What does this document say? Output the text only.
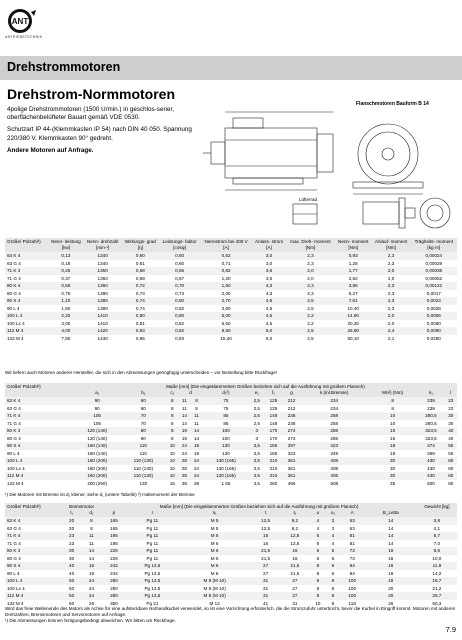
ANT
ANTRIEBSTECHNIK
Drehstrommotoren
Drehstrom-Normmotoren

4polige Drehstrommotoren (1500 U/min.) in geschlos-sener, oberflächenbelüfteter Bauart gemäß VDE 0530.

Schutzart IP 44-(Klemmkasten IP 54) nach DIN 40 050. Spannung 220/380 V. Klemmkasten 90° gedreht.

Andere Motoren auf Anfrage.

Lüfterrad
Flanschmotoren Bauform B 14
Größe/ Polzahl¹)	Nenn- leistung	Nenn- drehzahl	Wirkungs- grad	Leistungs- faktor	Nennstrom bei 400 V	Anlass- strom	max. Dreh- moment	Nenn- moment	Anlauf- moment	Trägheits- moment
	[kw]	[min-¹]	[η]	[cosφ]	[A]	[A]	[Nm]	[Nm]	[Nm]	[kg·m]
63 K 4	0,13	1340	0,60	0,60	0,52	3,0	2,3	0,93	2,3	0,00024
63 G 4	0,18	1340	0,61	0,60	0,71	3,0	2,3	1,28	2,3	0,00029
71 K 4	0,25	1350	0,68	0,65	0,82	3,5	2,0	1,77	2,0	0,00035
71 G 4	0,37	1350	0,69	0,67	1,20	3,5	2,0	2,62	2,0	0,00052
80 K 4	0,55	1360	0,72	0,70	1,60	4,3	2,3	3,86	2,3	0,00122
80 G 4	0,75	1390	0,73	0,73	2,00	4,3	2,3	5,27	2,3	0,0017
90 S 4	1,10	1380	0,74	0,80	2,70	4,5	2,5	7,61	2,3	0,0023
90 L 4	1,50	1380	0,74	0,82	3,60	4,5	2,5	10,40	2,3	0,0028
100 L 4	2,20	1410	0,80	0,80	5,00	4,5	2,2	14,90	2,0	0,0056
100 Lx 4	3,00	1410	0,81	0,82	6,50	4,5	2,2	20,30	2,0	0,0060
112 M 4	4,00	1420	0,83	0,82	8,50	5,0	2,5	26,90	2,4	0,0090
132 M 4	7,50	1430	0,85	0,83	15,40	6,0	2,5	50,10	2,1	0,0280
Wir liefern auch Motoren anderer Hersteller, die sich in den Abmessungen geringfügig unterscheiden – vor Bestellung bitte Rückfrage!
Größe/ Polzahl¹)	Maße [mm] (Die eingeklammerten Größen beziehen sich auf die Ausführung mit großem Flansch)												
	a₁	b₁	c₁	d		d₁²)	e₁	f₁	g	k (inl.Bremse)	Mn²) (Nm)	k₁	l
63 K 4	90	60	8	11	8	75	2,5	125	212	234	8	239	23
63 G 4	90	60	8	11	8	75	2,5	125	212	234	8	239	23
71 K 4	105	70	8	14	11	85	2,5	148	238	258	10	280,5	30
71 G 4	105	70	8	14	11	85	2,5	148	238	258	10	280,5	30
80 K 4	120 (140)	80	8	19	14	100	3	170	274	285	15	323,5	40
80 G 4	120 (140)	80	8	19	14	100	3	170	274	285	15	323,5	40
90 S 4	160 (140)	110	10	24	19	130	3,5	185	297	323	18	374	50
90 L 4	160 (140)	110	10	24	19	130	3,5	185	322	348	18	399	50
100 L 4	160 (200)	110 (130)	10	28	24	130 (165)	3,5	210	361	408	30	430	60
100 Lx 4	160 (200)	110 (130)	10	28	24	130 (165)	3,5	210	361	408	30	430	60
112 M 4	160 (200)	110 (130)	10	28	24	130 (165)	3,5	210	361	406	30	430	60
132 M 4	200 (250)	130	15	38	28	1 65	3,5	260	496	508	35	600	80
¹) Die Motoren mit Bremse ist d₁ kleiner, siehe d₁ (untere Tabelle) ²) Haltemoment der Bremse
Größe/ Polzahl¹)	Bremsmotor		Maße [mm] (Die eingeklammerten Größen beziehen sich auf die Ausführung mit großem Flansch)									Gewicht [kg]
	l₁	d₁	p	r	s₁	t	t₁	u	u₁	A	B_Letta	
63 K 4	20	8	165	Pg 11	M 5	12,5	9,2	4	3	63	14	3,8
63 G 4	20	8	165	Pg 11	M 5	12,5	9,2	4	3	63	14	4,1
71 K 4	23	11	195	Pg 11	M 6	16	12,5	5	4	81	14	5,7
71 G 4	23	11	195	Pg 11	M 6	16	12,5	5	4	81	14	7,0
80 K 4	30	14	226	Pg 11	M 6	21,5	16	6	5	73	16	8,6
80 G 4	30	14	226	Pg 11	M 6	21,5	16	6	5	73	16	10,0
90 S 4	40	19	242	Pg 13,5	M 8	27	21,5	8	6	84	16	11,9
90 L 4	40	19	242	Pg 13,5	M 8	27	21,5	8	6	84	16	14,2
100 L 4	50	24	280	Pg 13,5	M 8 (M 10)	31	27	8	8	100	18	18,7
100 Lx 4	50	24	280	Pg 13,5	M 8 (M 10)	31	27	8	8	100	20	21,2
112 M 4	50	24	280	Pg 13,5	M 8 (M 10)	31	27	8	8	100	20	25,7
132 M 4	60	28	350	Pg 21	M 12	41	31	10	8	118	26	50,3
Wird das freie Wellenende des Motors als Achse für eine aufsteckbare Nothandkurbel verwendet, so ist eine Vorrichtung erforderlich, die die Stromzufuhr unterbricht, bevor die Kurbel in Eingriff kommt. Motoren mit anderen Drehzahlen, Bremsmotoren und Servomotoren auf Anfrage.
¹) Die Abmessungen können fertigungsbedingt abweichen. Wir bitten um Rückfrage.
7.9
